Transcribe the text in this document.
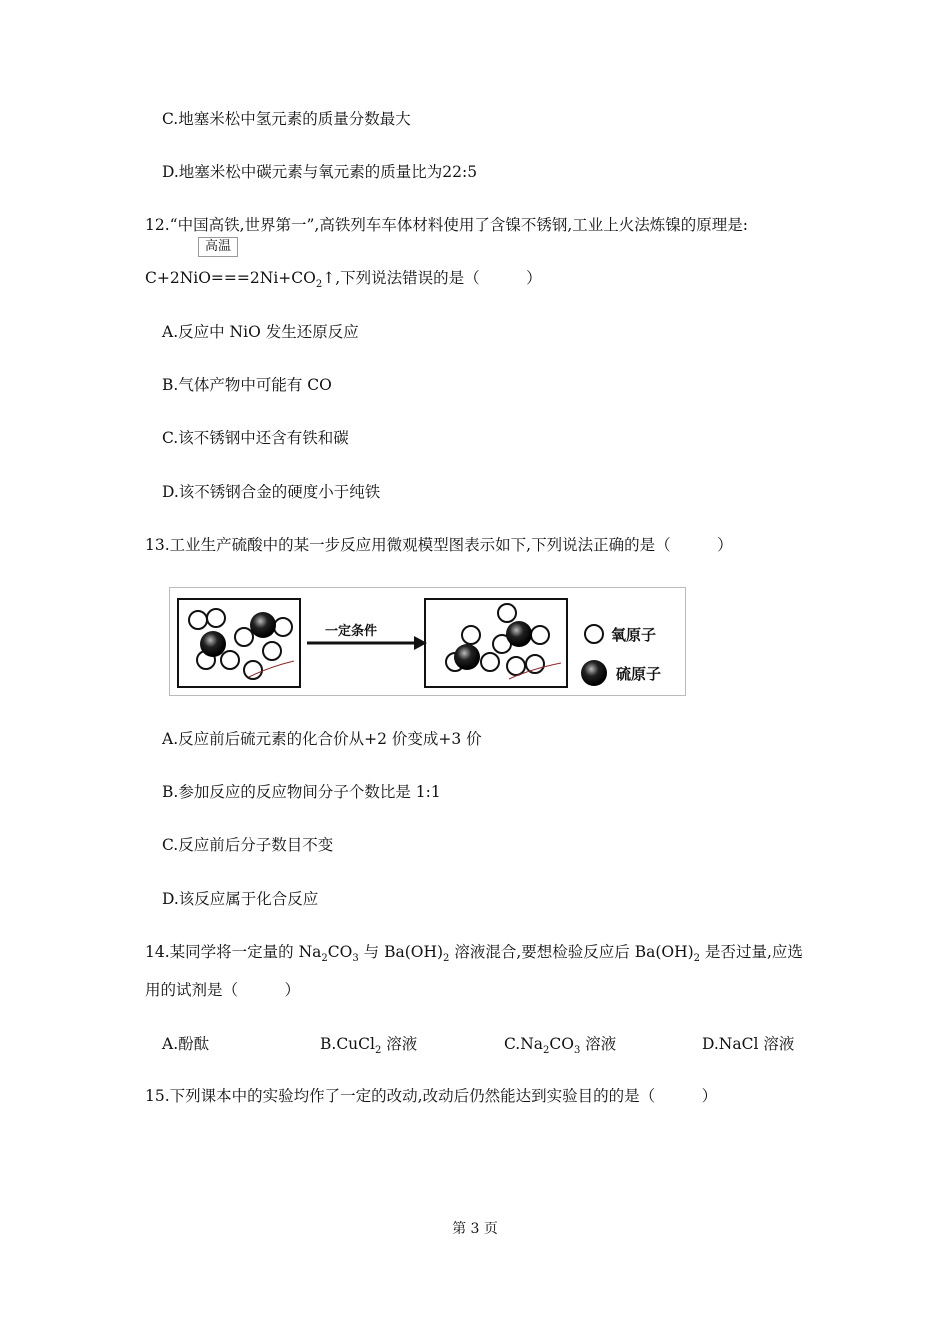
C.地塞米松中氢元素的质量分数最大
D.地塞米松中碳元素与氧元素的质量比为22:5
12.“中国高铁,世界第一”,高铁列车车体材料使用了含镍不锈钢,工业上火法炼镍的原理是:
高温
$C+2NiO===2Ni+CO_2↑$,下列说法错误的是（　　　）
A.反应中 NiO 发生还原反应
B.气体产物中可能有 CO
C.该不锈钢中还含有铁和碳
D.该不锈钢合金的硬度小于纯铁
13.工业生产硫酸中的某一步反应用微观模型图表示如下,下列说法正确的是（　　　）
一定条件	氧原子
硫原子
A.反应前后硫元素的化合价从+2 价变成+3 价
B.参加反应的反应物间分子个数比是 1:1
C.反应前后分子数目不变
D.该反应属于化合反应
14.某同学将一定量的 $Na_2CO_3$ 与 $Ba(OH)_2$ 溶液混合,要想检验反应后 $Ba(OH)_2$ 是否过量,应选
用的试剂是（　　　）
A.酚酞	B.CuCl$_2$ 溶液	$C.Na_2CO_3$ 溶液	D.NaCl 溶液
15.下列课本中的实验均作了一定的改动,改动后仍然能达到实验目的的是（　　　）
第 3 页
